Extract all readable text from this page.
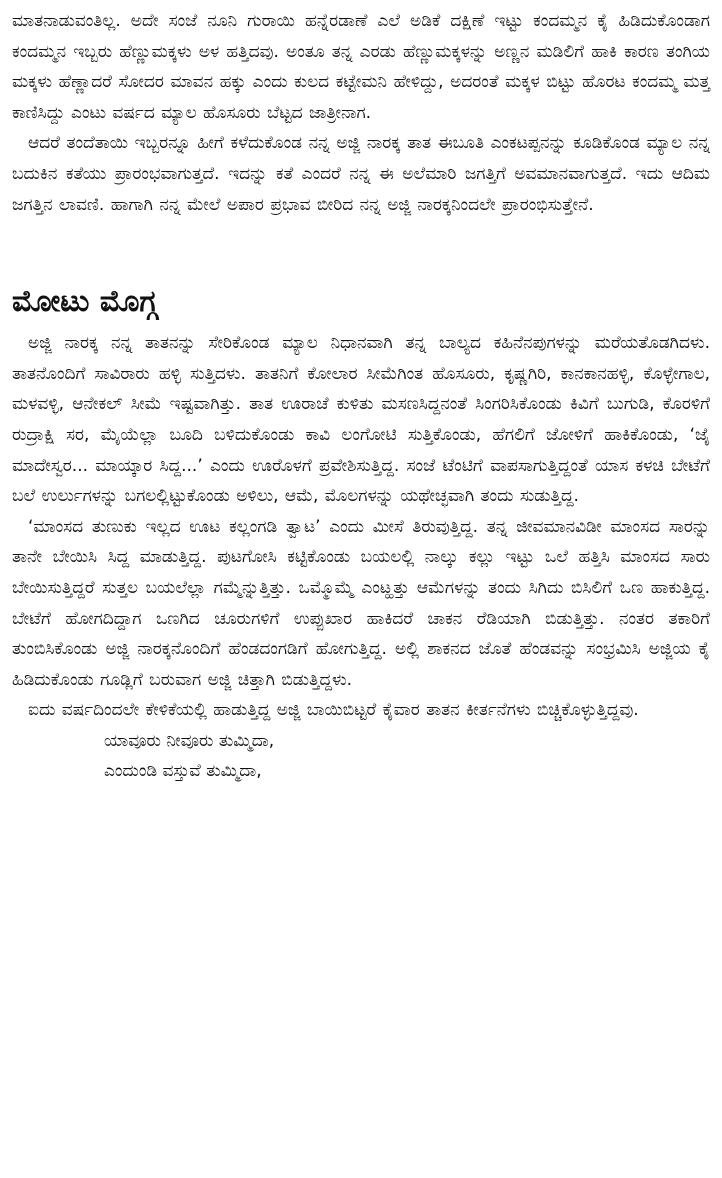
ಮಾತನಾಡುವಂತಿಲ್ಲ. ಅದೇ ಸಂಜೆ ನೂನಿ ಗುರಾಯಿ ಹನ್ನೆರಡಾಣೆ ಎಲೆ ಅಡಿಕೆ ದಕ್ಷಿಣೆ ಇಟ್ಟು ಕಂದಮ್ಮನ ಕೈ ಹಿಡಿದುಕೊಂಡಾಗ ಕಂದಮ್ಮನ ಇಬ್ಬರು ಹೆಣ್ಣುಮಕ್ಕಳು ಅಳ ಹತ್ತಿದವು. ಅಂತೂ ತನ್ನ ಎರಡು ಹೆಣ್ಣುಮಕ್ಕಳನ್ನು ಅಣ್ಣನ ಮಡಿಲಿಗೆ ಹಾಕಿ ಕಾರಣ ತಂಗಿಯ ಮಕ್ಕಳು ಹೆಣ್ಣಾದರೆ ಸೋದರ ಮಾವನ ಹಕ್ಕು ಎಂದು ಕುಲದ ಕಟ್ಟೇಮನಿ ಹೇಳಿದ್ದು, ಅದರಂತೆ ಮಕ್ಕಳ ಬಿಟ್ಟು ಹೊರಟ ಕಂದಮ್ಮ ಮತ್ತ ಕಾಣಿಸಿದ್ದು ಎಂಟು ವರ್ಷದ ಮ್ಯಾಲ ಹೊಸೂರು ಬೆಟ್ಟದ ಜಾತ್ರೀನಾಗ.

ಆದರೆ ತಂದೆತಾಯಿ ಇಬ್ಬರನ್ನೂ ಹೀಗೆ ಕಳೆದುಕೊಂಡ ನನ್ನ ಅಜ್ಜಿ ನಾರಕ್ಕ ತಾತ ಈಬೂತಿ ಎಂಕಟಪ್ಪನನ್ನು ಕೂಡಿಕೊಂಡ ಮ್ಯಾಲ ನನ್ನ ಬದುಕಿನ ಕತೆಯು ಪ್ರಾರಂಭವಾಗುತ್ತದೆ. ಇದನ್ನು ಕತೆ ಎಂದರೆ ನನ್ನ ಈ ಅಲೆಮಾರಿ ಜಗತ್ತಿಗೆ ಅವಮಾನವಾಗುತ್ತದೆ. ಇದು ಆದಿಮ ಜಗತ್ತಿನ ಲಾವಣಿ. ಹಾಗಾಗಿ ನನ್ನ ಮೇಲೆ ಅಪಾರ ಪ್ರಭಾವ ಬೀರಿದ ನನ್ನ ಅಜ್ಜಿ ನಾರಕ್ಕನಿಂದಲೇ ಪ್ರಾರಂಭಿಸುತ್ತೇನೆ.

ಮೋಟು ಮೊಗ್ಗ

ಅಜ್ಜಿ ನಾರಕ್ಕ ನನ್ನ ತಾತನನ್ನು ಸೇರಿಕೊಂಡ ಮ್ಯಾಲ ನಿಧಾನವಾಗಿ ತನ್ನ ಬಾಲ್ಯದ ಕಹಿನೆನಪುಗಳನ್ನು ಮರೆಯತೊಡಗಿದಳು. ತಾತನೊಂದಿಗೆ ಸಾವಿರಾರು ಹಳ್ಳಿ ಸುತ್ತಿದಳು. ತಾತನಿಗೆ ಕೋಲಾರ ಸೀಮೆಗಿಂತ ಹೊಸೂರು, ಕೃಷ್ಣಗಿರಿ, ಕಾನಕಾನಹಳ್ಳಿ, ಕೊಳ್ಳೇಗಾಲ, ಮಳವಳ್ಳಿ, ಆನೇಕಲ್ ಸೀಮೆ ಇಷ್ಟವಾಗಿತ್ತು. ತಾತ ಊರಾಚೆ ಕುಳಿತು ಮಸಣಸಿದ್ದನಂತೆ ಸಿಂಗರಿಸಿಕೊಂಡು ಕಿವಿಗೆ ಬುಗುಡಿ, ಕೊರಳಿಗೆ ರುದ್ರಾಕ್ಷಿ ಸರ, ಮೈಯೆಲ್ಲಾ ಬೂದಿ ಬಳಿದುಕೊಂಡು ಕಾವಿ ಲಂಗೋಟಿ ಸುತ್ತಿಕೊಂಡು, ಹೆಗಲಿಗೆ ಜೋಳಿಗೆ ಹಾಕಿಕೊಂಡು, ‘ಜೈ ಮಾದೇಸ್ವರ... ಮಾಯ್ಕಾರ ಸಿದ್ದ...’ ಎಂದು ಊರೊಳಗೆ ಪ್ರವೇಶಿಸುತ್ತಿದ್ದ. ಸಂಜೆ ಟೆಂಟಿಗೆ ವಾಪಸಾಗುತ್ತಿದ್ದಂತೆ ಯಾಸ ಕಳಚಿ ಬೇಟೆಗೆ ಬಲೆ ಉರ್ಲುಗಳನ್ನು ಬಗಲಲ್ಲಿಟ್ಟುಕೊಂಡು ಅಳಿಲು, ಆಮೆ, ಮೊಲಗಳನ್ನು ಯಥೇಚ್ಛವಾಗಿ ತಂದು ಸುಡುತ್ತಿದ್ದ.

‘ಮಾಂಸದ ತುಣುಕು ಇಲ್ಲದ ಊಟ ಕಲ್ಲಂಗಡಿ ತ್ವಾಟ’ ಎಂದು ಮೀಸೆ ತಿರುವುತ್ತಿದ್ದ. ತನ್ನ ಜೀವಮಾನವಿಡೀ ಮಾಂಸದ ಸಾರನ್ನು ತಾನೇ ಬೇಯಿಸಿ ಸಿದ್ದ ಮಾಡುತ್ತಿದ್ದ. ಪುಟಗೋಸಿ ಕಟ್ಟಿಕೊಂಡು ಬಯಲಲ್ಲಿ ನಾಲ್ಕು ಕಲ್ಲು ಇಟ್ಟು ಒಲೆ ಹತ್ತಿಸಿ ಮಾಂಸದ ಸಾರು ಬೇಯಿಸುತ್ತಿದ್ದರೆ ಸುತ್ತಲ ಬಯಲೆಲ್ಲಾ ಗಮ್ಮೆನ್ನುತ್ತಿತ್ತು. ಒಮ್ಮೊಮ್ಮೆ ಎಂಟ್ಹತ್ತು ಆಮೆಗಳನ್ನು ತಂದು ಸಿಗಿದು ಬಿಸಿಲಿಗೆ ಒಣ ಹಾಕುತ್ತಿದ್ದ. ಬೇಟೆಗೆ ಹೋಗದಿದ್ದಾಗ ಒಣಗಿದ ಚೂರುಗಳಿಗೆ ಉಪ್ಪುಖಾರ ಹಾಕಿದರೆ ಚಾಕನ ರೆಡಿಯಾಗಿ ಬಿಡುತ್ತಿತ್ತು. ನಂತರ ತಕಾರಿಗೆ ತುಂಬಿಸಿಕೊಂಡು ಅಜ್ಜಿ ನಾರಕ್ಕನೊಂದಿಗೆ ಹೆಂಡದಂಗಡಿಗೆ ಹೋಗುತ್ತಿದ್ದ. ಅಲ್ಲಿ ಶಾಕನದ ಜೊತೆ ಹೆಂಡವನ್ನು ಸಂಭ್ರಮಿಸಿ ಅಜ್ಜಿಯ ಕೈ ಹಿಡಿದುಕೊಂಡು ಗೂಡ್ಲಿಗೆ ಬರುವಾಗ ಅಜ್ಜಿ ಚಿತ್ತಾಗಿ ಬಿಡುತ್ತಿದ್ದಳು.

ಐದು ವರ್ಷದಿಂದಲೇ ಕೇಳಿಕೆಯಲ್ಲಿ ಹಾಡುತ್ತಿದ್ದ ಅಜ್ಜಿ ಬಾಯಿಬಿಟ್ಟರೆ ಕೈವಾರ ತಾತನ ಕೀರ್ತನೆಗಳು ಬಿಚ್ಚಿಕೊಳ್ಳುತ್ತಿದ್ದವು.

ಯಾವೂರು ನೀವೂರು ತುಮ್ಮಿದಾ,

ಎಂದುಂಡಿ ವಸ್ತುವೆ ತುಮ್ಮಿದಾ,
